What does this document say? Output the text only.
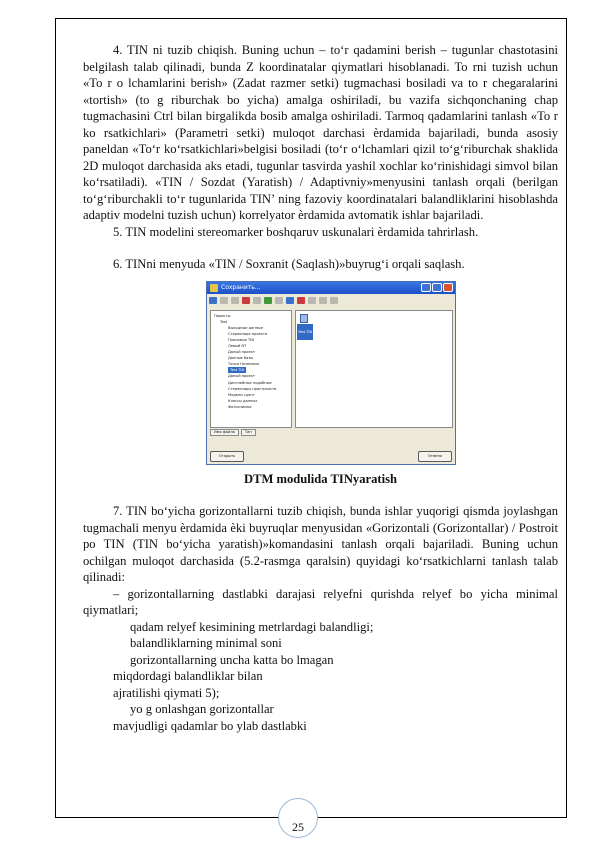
4. TIN ni tuzib chiqish. Buning uchun – to‘r qadamini berish – tugunlar chastotasini belgilash talab qilinadi, bunda Z koordinatalar qiymatlari hisoblanadi. To rni tuzish uchun «To r o lchamlarini berish» (Zadat razmer setki) tugmachasi bosiladi va to r chegaralarini «tortish» (to g riburchak bo yicha) amalga oshiriladi, bu vazifa sichqonchaning chap tugmachasini Ctrl bilan birgalikda bosib amalga oshiriladi. Tarmoq qadamlarini tanlash «To r ko rsatkichlari» (Parametri setki) muloqot darchasi ѐrdamida bajariladi, bunda asosiy paneldan «To‘r ko‘rsatkichlari»belgisi bosiladi (to‘r o‘lchamlari qizil to‘g‘riburchak shaklida 2D muloqot darchasida aks etadi, tugunlar tasvirda yashil xochlar ko‘rinishidagi simvol bilan ko‘rsatiladi). «TIN / Sozdat (Yaratish) / Adaptivniy»menyusini tanlash orqali (berilgan to‘g‘riburchakli to‘r tugunlarida TIN’ ning fazoviy koordinatalari balandliklarini hisoblashda adaptiv modelni tuzish uchun) korrelyator ѐrdamida avtomatik ishlar bajariladi.

5. TIN modelini stereomarker boshqaruv uskunalari ѐrdamida tahrirlash.

6. TINni menyuda «TIN / Soxranit (Saqlash)»buyrug‘i orqali saqlash.

Сохранить...
Проекты
Test
Выходные данные
Стереопара проекта
Плановые TIN
Левый NT
Даный проект
Данные базы
Точки Наземные
Test.TIN
Даный проект
Дисплейные подобные
Стереопары пространств
Модели сцент
Классы данных
Фотоснимки
Test.TIN
Имя файла	Тип
Открыть	Отмена

DTM modulida TINyaratish

7. TIN bo‘yicha gorizontallarni tuzib chiqish, bunda ishlar yuqorigi qismda joylashgan tugmachali menyu ѐrdamida ѐki buyruqlar menyusidan «Gorizontali (Gorizontallar) / Postroit po TIN (TIN bo‘yicha yaratish)»komandasini tanlash orqali bajariladi. Buning uchun ochilgan muloqot darchasida (5.2-rasmga qaralsin) quyidagi ko‘rsatkichlarni tanlash talab qilinadi:

– gorizontallarning dastlabki darajasi relyefni qurishda relyef bo yicha minimal qiymatlari;

qadam relyef kesimining metrlardagi balandligi;

balandliklarning minimal soni

gorizontallarning uncha katta bo lmagan

miqdordagi balandliklar bilan

ajratilishi qiymati 5);

yo g onlashgan gorizontallar

mavjudligi qadamlar bo ylab dastlabki

25
